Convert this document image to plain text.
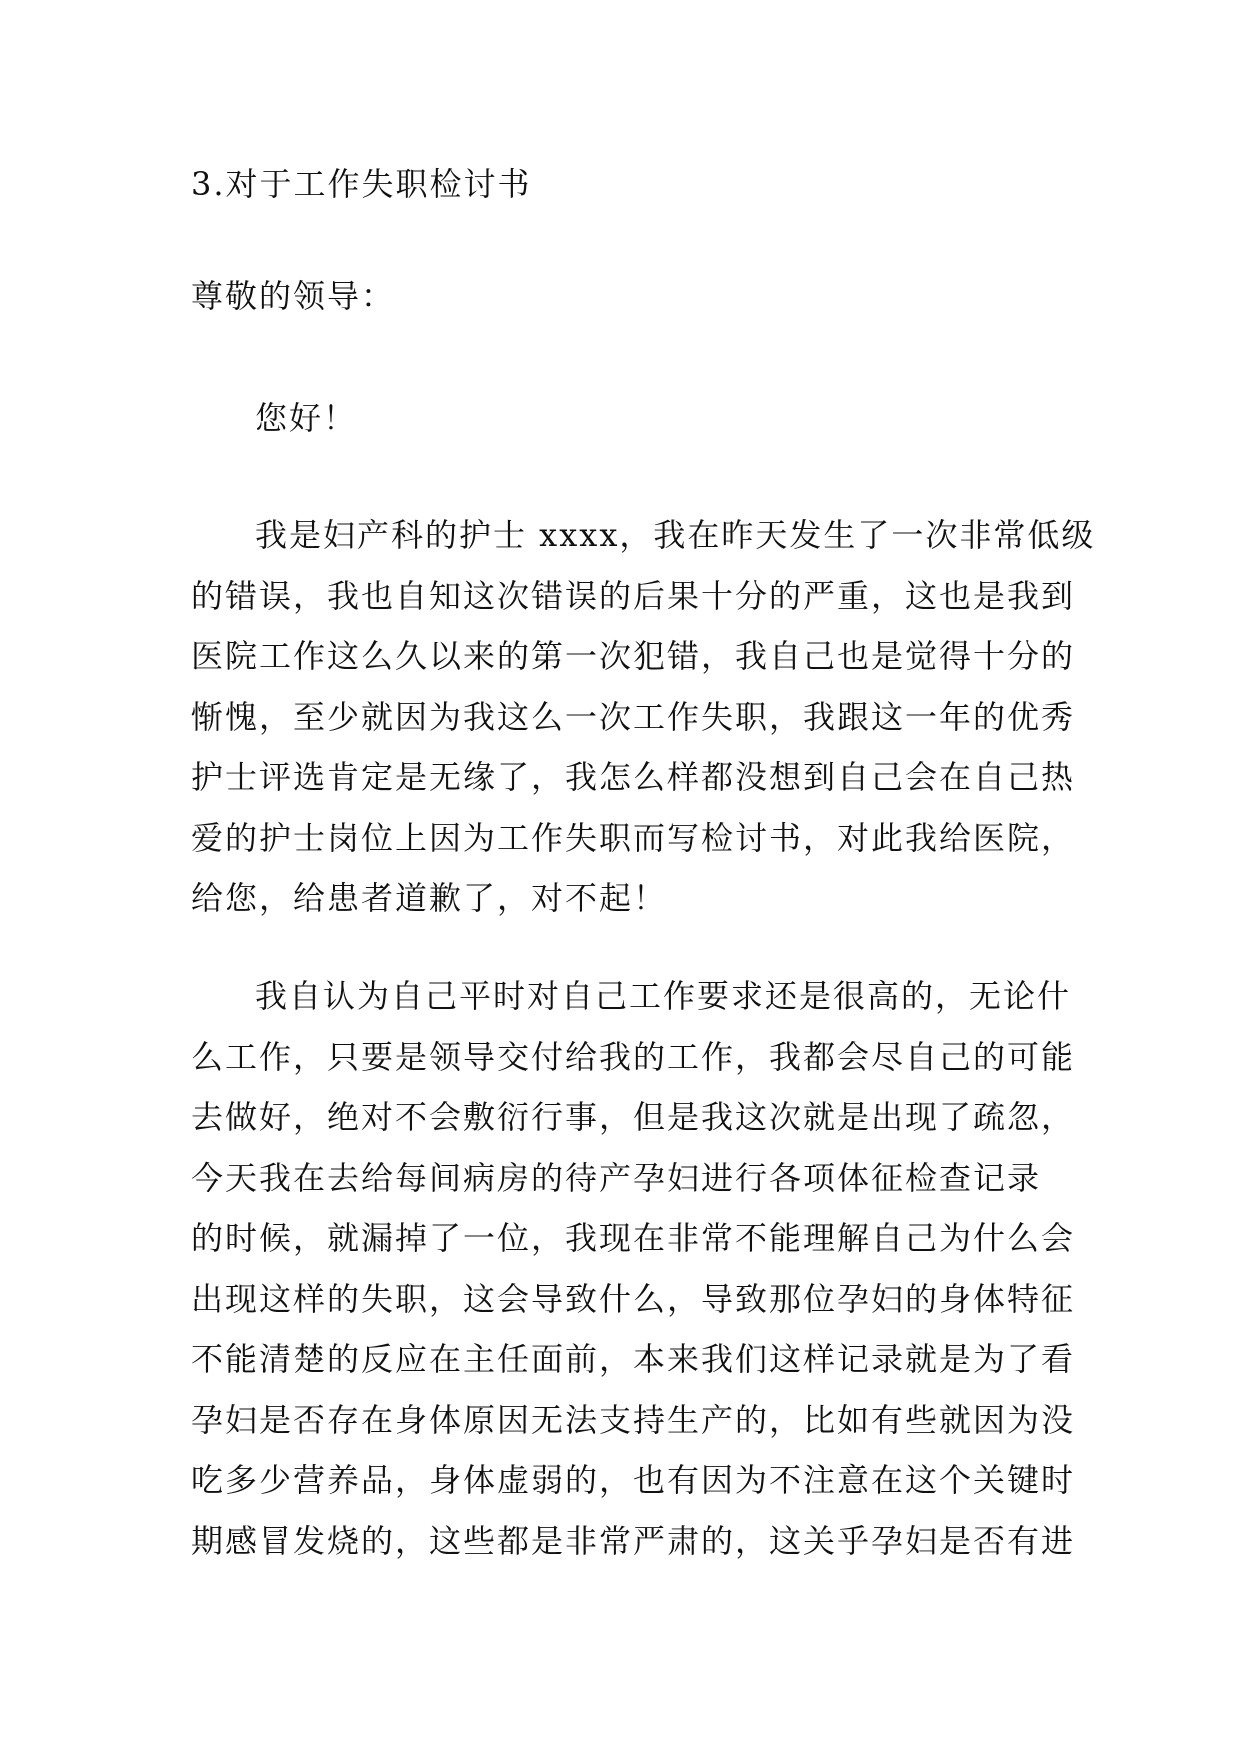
3.对于工作失职检讨书

尊敬的领导：

您好！

我是妇产科的护士 xxxx，我在昨天发生了一次非常低级
的错误，我也自知这次错误的后果十分的严重，这也是我到
医院工作这么久以来的第一次犯错，我自己也是觉得十分的
惭愧，至少就因为我这么一次工作失职，我跟这一年的优秀
护士评选肯定是无缘了，我怎么样都没想到自己会在自己热
爱的护士岗位上因为工作失职而写检讨书，对此我给医院，
给您，给患者道歉了，对不起！
我自认为自己平时对自己工作要求还是很高的，无论什
么工作，只要是领导交付给我的工作，我都会尽自己的可能
去做好，绝对不会敷衍行事，但是我这次就是出现了疏忽，
今天我在去给每间病房的待产孕妇进行各项体征检查记录
的时候，就漏掉了一位，我现在非常不能理解自己为什么会
出现这样的失职，这会导致什么，导致那位孕妇的身体特征
不能清楚的反应在主任面前，本来我们这样记录就是为了看
孕妇是否存在身体原因无法支持生产的，比如有些就因为没
吃多少营养品，身体虚弱的，也有因为不注意在这个关键时
期感冒发烧的，这些都是非常严肃的，这关乎孕妇是否有进
